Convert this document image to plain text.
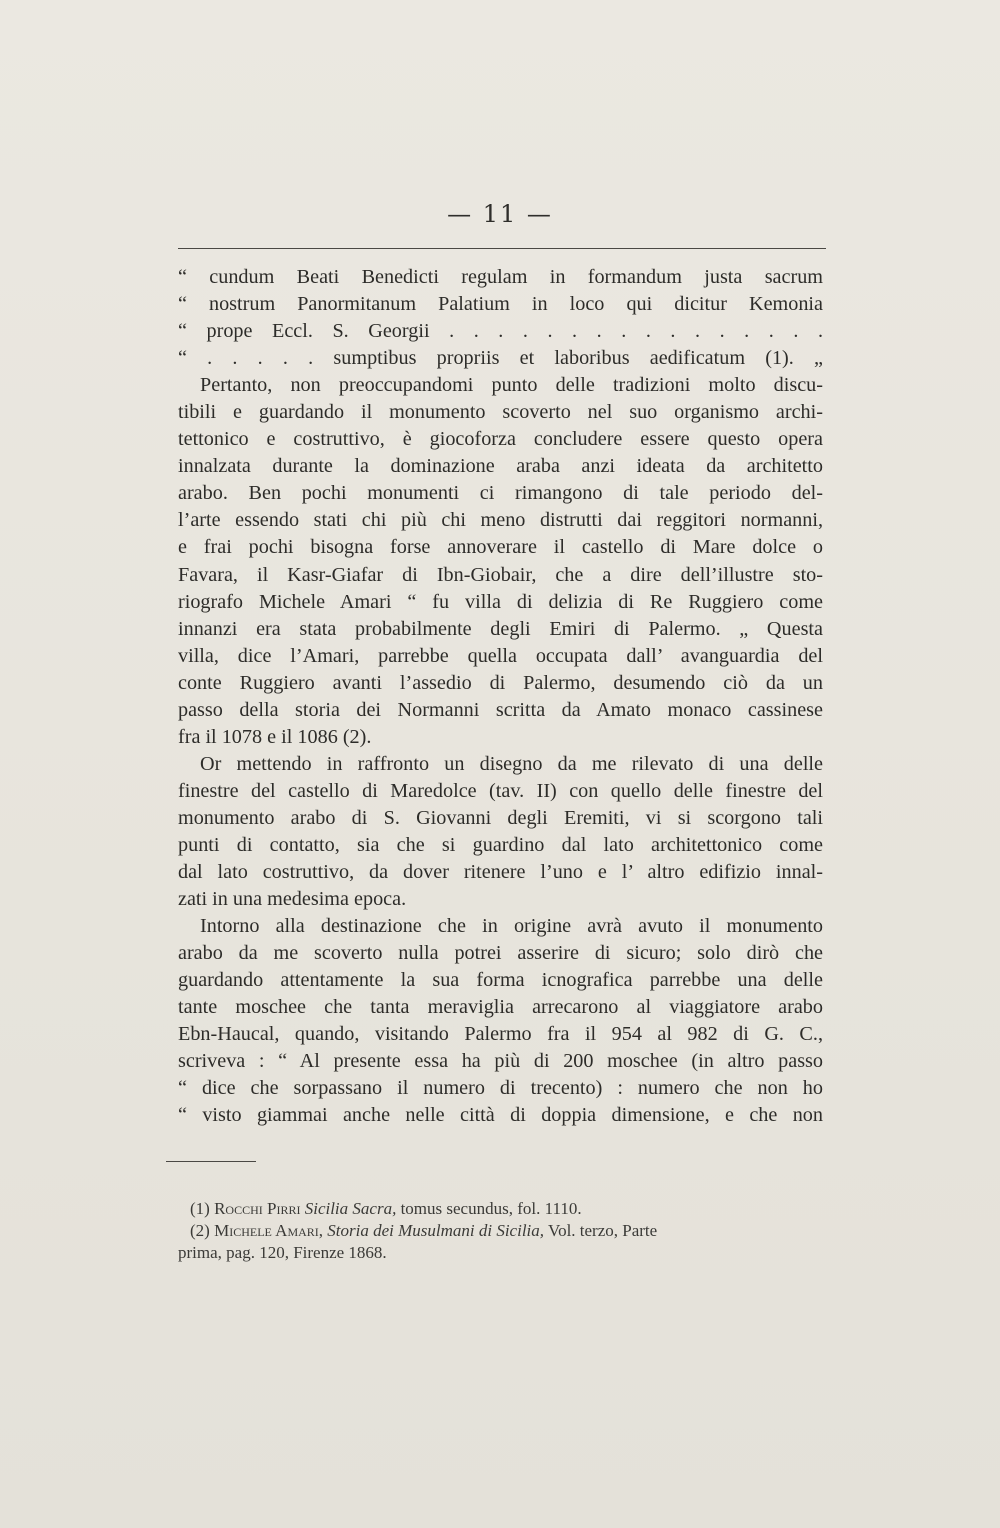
— 11 —
“ cundum Beati Benedicti regulam in formandum justa sacrum
“ nostrum Panormitanum Palatium in loco qui dicitur Kemonia
“ prope Eccl. S. Georgii . . . . . . . . . . . . . . . .
“ . . . . . sumptibus propriis et laboribus aedificatum (1). „
Pertanto, non preoccupandomi punto delle tradizioni molto discu-
tibili e guardando il monumento scoverto nel suo organismo archi-
tettonico e costruttivo, è giocoforza concludere essere questo opera
innalzata durante la dominazione araba anzi ideata da architetto
arabo. Ben pochi monumenti ci rimangono di tale periodo del-
l’arte essendo stati chi più chi meno distrutti dai reggitori normanni,
e frai pochi bisogna forse annoverare il castello di Mare dolce o
Favara, il Kasr-Giafar di Ibn-Giobair, che a dire dell’illustre sto-
riografo Michele Amari “ fu villa di delizia di Re Ruggiero come
innanzi era stata probabilmente degli Emiri di Palermo. „ Questa
villa, dice l’Amari, parrebbe quella occupata dall’ avanguardia del
conte Ruggiero avanti l’assedio di Palermo, desumendo ciò da un
passo della storia dei Normanni scritta da Amato monaco cassinese
fra il 1078 e il 1086 (2).
Or mettendo in raffronto un disegno da me rilevato di una delle
finestre del castello di Maredolce (tav. II) con quello delle finestre del
monumento arabo di S. Giovanni degli Eremiti, vi si scorgono tali
punti di contatto, sia che si guardino dal lato architettonico come
dal lato costruttivo, da dover ritenere l’uno e l’ altro edifizio innal-
zati in una medesima epoca.
Intorno alla destinazione che in origine avrà avuto il monumento
arabo da me scoverto nulla potrei asserire di sicuro; solo dirò che
guardando attentamente la sua forma icnografica parrebbe una delle
tante moschee che tanta meraviglia arrecarono al viaggiatore arabo
Ebn-Haucal, quando, visitando Palermo fra il 954 al 982 di G. C.,
scriveva : “ Al presente essa ha più di 200 moschee (in altro passo
“ dice che sorpassano il numero di trecento) : numero che non ho
“ visto giammai anche nelle città di doppia dimensione, e che non
(1) Rocchi Pirri Sicilia Sacra, tomus secundus, fol. 1110.
(2) Michele Amari, Storia dei Musulmani di Sicilia, Vol. terzo, Parte
prima, pag. 120, Firenze 1868.
